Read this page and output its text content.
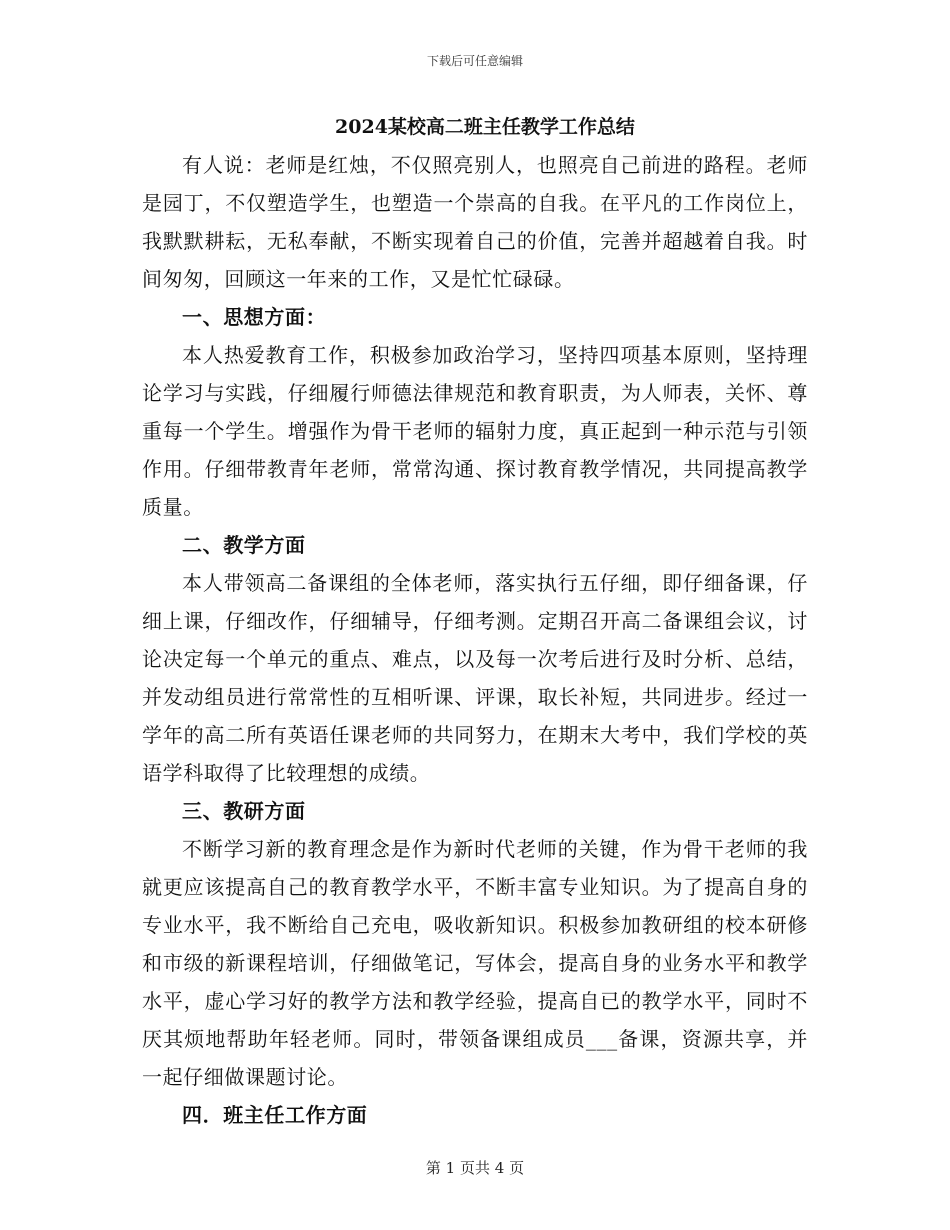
下载后可任意编辑
2024某校高二班主任教学工作总结

有人说：老师是红烛，不仅照亮别人，也照亮自己前进的路程。老师是园丁，不仅塑造学生，也塑造一个崇高的自我。在平凡的工作岗位上，我默默耕耘，无私奉献，不断实现着自己的价值，完善并超越着自我。时间匆匆，回顾这一年来的工作，又是忙忙碌碌。

一、思想方面：

本人热爱教育工作，积极参加政治学习，坚持四项基本原则，坚持理论学习与实践，仔细履行师德法律规范和教育职责，为人师表，关怀、尊重每一个学生。增强作为骨干老师的辐射力度，真正起到一种示范与引领作用。仔细带教青年老师，常常沟通、探讨教育教学情况，共同提高教学质量。

二、教学方面

本人带领高二备课组的全体老师，落实执行五仔细，即仔细备课，仔细上课，仔细改作，仔细辅导，仔细考测。定期召开高二备课组会议，讨论决定每一个单元的重点、难点，以及每一次考后进行及时分析、总结，并发动组员进行常常性的互相听课、评课，取长补短，共同进步。经过一学年的高二所有英语任课老师的共同努力，在期末大考中，我们学校的英语学科取得了比较理想的成绩。

三、教研方面

不断学习新的教育理念是作为新时代老师的关键，作为骨干老师的我就更应该提高自己的教育教学水平，不断丰富专业知识。为了提高自身的专业水平，我不断给自己充电，吸收新知识。积极参加教研组的校本研修和市级的新课程培训，仔细做笔记，写体会，提高自身的业务水平和教学水平，虚心学习好的教学方法和教学经验，提高自已的教学水平，同时不厌其烦地帮助年轻老师。同时，带领备课组成员___备课，资源共享，并一起仔细做课题讨论。

四．班主任工作方面
第 1 页共 4 页
